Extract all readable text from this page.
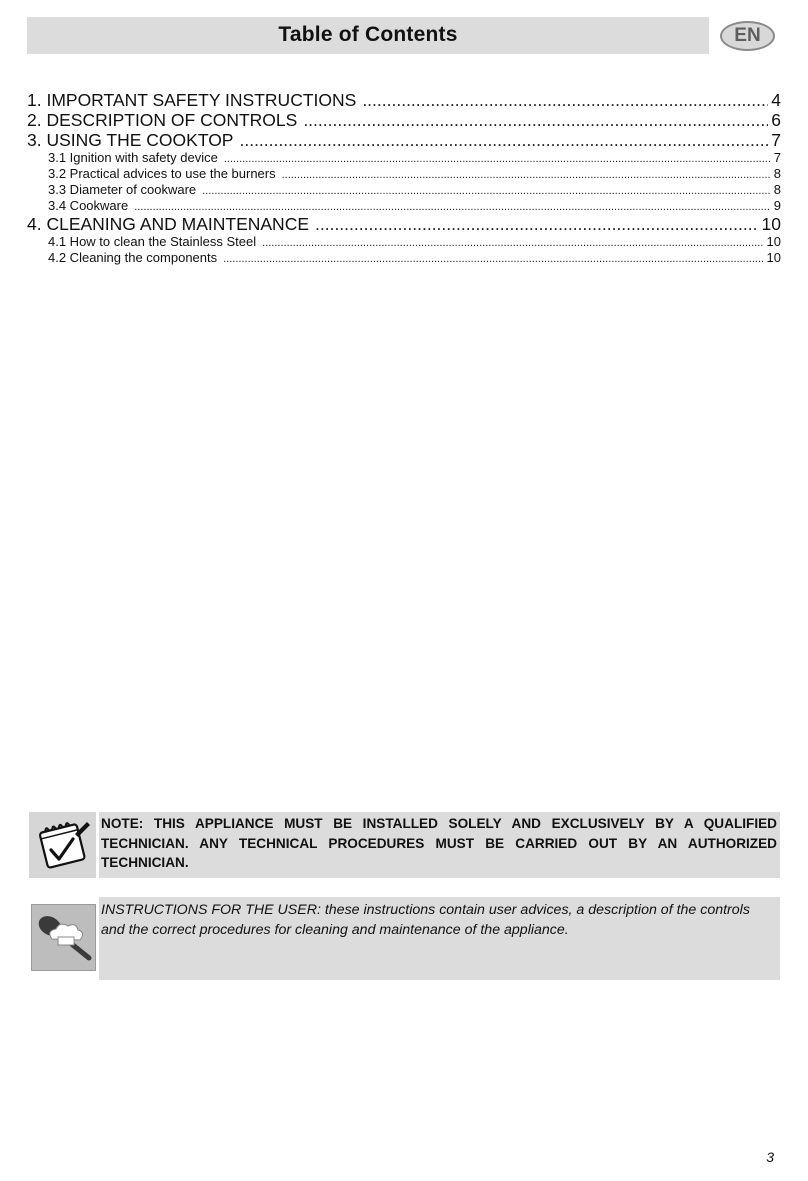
Table of Contents	EN
1. IMPORTANT SAFETY INSTRUCTIONS .....	4
2. DESCRIPTION OF CONTROLS .....	6
3. USING THE COOKTOP .....	7
3.1 Ignition with safety device .....	7
3.2 Practical advices to use the burners .....	8
3.3 Diameter of cookware .....	8
3.4 Cookware .....	9
4. CLEANING AND MAINTENANCE .....	10
4.1 How to clean the Stainless Steel .....	10
4.2 Cleaning the components .....	10
NOTE: THIS APPLIANCE MUST BE INSTALLED SOLELY AND EXCLUSIVELY BY A QUALIFIED TECHNICIAN. ANY TECHNICAL PROCEDURES MUST BE CARRIED OUT BY AN AUTHORIZED TECHNICIAN.
INSTRUCTIONS FOR THE USER: these instructions contain user advices, a description of the controls and the correct procedures for cleaning and maintenance of the appliance.
3
